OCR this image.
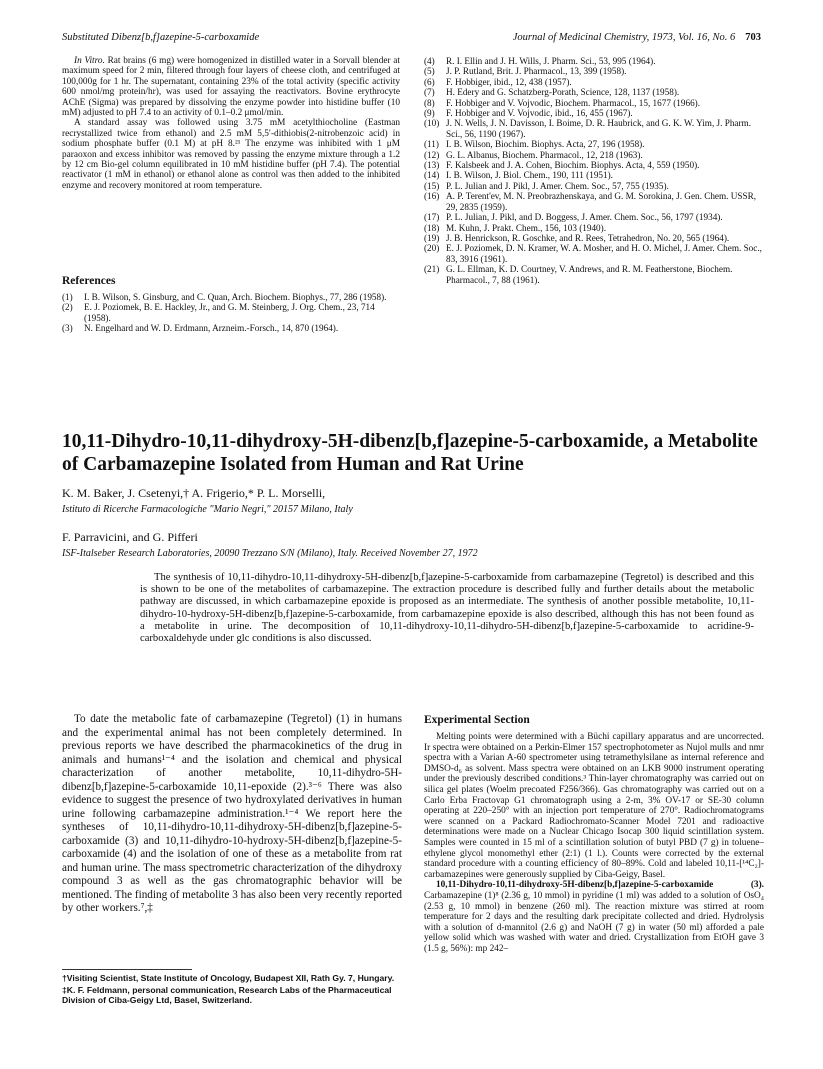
Substituted Dibenz[b,f]azepine-5-carboxamide	Journal of Medicinal Chemistry, 1973, Vol. 16, No. 6 703

In Vitro. Rat brains (6 mg) were homogenized in distilled water in a Sorvall blender at maximum speed for 2 min, filtered through four layers of cheese cloth, and centrifuged at 100,000g for 1 hr. The supernatant, containing 23% of the total activity (specific activity 600 nmol/mg protein/hr), was used for assaying the reactivators. Bovine erythrocyte AChE (Sigma) was prepared by dissolving the enzyme powder into histidine buffer (10 mM) adjusted to pH 7.4 to an activity of 0.1–0.2 μmol/min.

A standard assay was followed using 3.75 mM acetylthiocholine (Eastman recrystallized twice from ethanol) and 2.5 mM 5,5′-dithiobis(2-nitrobenzoic acid) in sodium phosphate buffer (0.1 M) at pH 8.²¹ The enzyme was inhibited with 1 μM paraoxon and excess inhibitor was removed by passing the enzyme mixture through a 1.2 by 12 cm Bio-gel column equilibrated in 10 mM histidine buffer (pH 7.4). The potential reactivator (1 mM in ethanol) or ethanol alone as control was then added to the inhibited enzyme and recovery monitored at room temperature.

References
(1)	I. B. Wilson, S. Ginsburg, and C. Quan, Arch. Biochem. Biophys., 77, 286 (1958).
(2)	E. J. Poziomek, B. E. Hackley, Jr., and G. M. Steinberg, J. Org. Chem., 23, 714 (1958).
(3)	N. Engelhard and W. D. Erdmann, Arzneim.-Forsch., 14, 870 (1964).
(4)	R. I. Ellin and J. H. Wills, J. Pharm. Sci., 53, 995 (1964).
(5)	J. P. Rutland, Brit. J. Pharmacol., 13, 399 (1958).
(6)	F. Hobbiger, ibid., 12, 438 (1957).
(7)	H. Edery and G. Schatzberg-Porath, Science, 128, 1137 (1958).
(8)	F. Hobbiger and V. Vojvodic, Biochem. Pharmacol., 15, 1677 (1966).
(9)	F. Hobbiger and V. Vojvodic, ibid., 16, 455 (1967).
(10) J. N. Wells, J. N. Davisson, I. Boime, D. R. Haubrick, and G. K. W. Yim, J. Pharm. Sci., 56, 1190 (1967).
(11) I. B. Wilson, Biochim. Biophys. Acta, 27, 196 (1958).
(12) G. L. Albanus, Biochem. Pharmacol., 12, 218 (1963).
(13) F. Kalsbeek and J. A. Cohen, Biochim. Biophys. Acta, 4, 559 (1950).
(14) I. B. Wilson, J. Biol. Chem., 190, 111 (1951).
(15) P. L. Julian and J. Pikl, J. Amer. Chem. Soc., 57, 755 (1935).
(16) A. P. Terent'ev, M. N. Preobrazhenskaya, and G. M. Sorokina, J. Gen. Chem. USSR, 29, 2835 (1959).
(17) P. L. Julian, J. Pikl, and D. Boggess, J. Amer. Chem. Soc., 56, 1797 (1934).
(18) M. Kuhn, J. Prakt. Chem., 156, 103 (1940).
(19) J. B. Henrickson, R. Goschke, and R. Rees, Tetrahedron, No. 20, 565 (1964).
(20) E. J. Poziomek, D. N. Kramer, W. A. Mosher, and H. O. Michel, J. Amer. Chem. Soc., 83, 3916 (1961).
(21) G. L. Ellman, K. D. Courtney, V. Andrews, and R. M. Featherstone, Biochem. Pharmacol., 7, 88 (1961).
10,11-Dihydro-10,11-dihydroxy-5H-dibenz[b,f]azepine-5-carboxamide, a Metabolite of Carbamazepine Isolated from Human and Rat Urine
K. M. Baker, J. Csetenyi,† A. Frigerio,* P. L. Morselli,
Istituto di Ricerche Farmacologiche "Mario Negri," 20157 Milano, Italy
F. Parravicini, and G. Pifferi
ISF-Italseber Research Laboratories, 20090 Trezzano S/N (Milano), Italy. Received November 27, 1972
The synthesis of 10,11-dihydro-10,11-dihydroxy-5H-dibenz[b,f]azepine-5-carboxamide from carbamazepine (Tegretol) is described and this is shown to be one of the metabolites of carbamazepine. The extraction procedure is described fully and further details about the metabolic pathway are discussed, in which carbamazepine epoxide is proposed as an intermediate. The synthesis of another possible metabolite, 10,11-dihydro-10-hydroxy-5H-dibenz[b,f]azepine-5-carboxamide, from carbamazepine epoxide is also described, although this has not been found as a metabolite in urine. The decomposition of 10,11-dihydroxy-10,11-dihydro-5H-dibenz[b,f]azepine-5-carboxamide to acridine-9-carboxaldehyde under glc conditions is also discussed.
To date the metabolic fate of carbamazepine (Tegretol) (1) in humans and the experimental animal has not been completely determined. In previous reports we have described the pharmacokinetics of the drug in animals and humans¹⁻⁴ and the isolation and chemical and physical characterization of another metabolite, 10,11-dihydro-5H-dibenz[b,f]azepine-5-carboxamide 10,11-epoxide (2).³⁻⁶ There was also evidence to suggest the presence of two hydroxylated derivatives in human urine following carbamazepine administration.¹⁻⁴ We report here the syntheses of 10,11-dihydro-10,11-dihydroxy-5H-dibenz[b,f]azepine-5-carboxamide (3) and 10,11-dihydro-10-hydroxy-5H-dibenz[b,f]azepine-5-carboxamide (4) and the isolation of one of these as a metabolite from rat and human urine. The mass spectrometric characterization of the dihydroxy compound 3 as well as the gas chromatographic behavior will be mentioned. The finding of metabolite 3 has also been very recently reported by other workers.⁷,‡

†Visiting Scientist, State Institute of Oncology, Budapest XII, Rath Gy. 7, Hungary.

‡K. F. Feldmann, personal communication, Research Labs of the Pharmaceutical Division of Ciba-Geigy Ltd, Basel, Switzerland.

Experimental Section

Melting points were determined with a Büchi capillary apparatus and are uncorrected. Ir spectra were obtained on a Perkin-Elmer 157 spectrophotometer as Nujol mulls and nmr spectra with a Varian A-60 spectrometer using tetramethylsilane as internal reference and DMSO-d₆ as solvent. Mass spectra were obtained on an LKB 9000 instrument operating under the previously described conditions.³ Thin-layer chromatography was carried out on silica gel plates (Woelm precoated F256/366). Gas chromatography was carried out on a Carlo Erba Fractovap G1 chromatograph using a 2-m, 3% OV-17 or SE-30 column operating at 220–250° with an injection port temperature of 270°. Radiochromatograms were scanned on a Packard Radiochromato-Scanner Model 7201 and radioactive determinations were made on a Nuclear Chicago Isocap 300 liquid scintillation system. Samples were counted in 15 ml of a scintillation solution of butyl PBD (7 g) in toluene–ethylene glycol monomethyl ether (2:1) (1 l.). Counts were corrected by the external standard procedure with a counting efficiency of 80–89%. Cold and labeled 10,11-[¹⁴C₂]-carbamazepines were generously supplied by Ciba-Geigy, Basel.

10,11-Dihydro-10,11-dihydroxy-5H-dibenz[b,f]azepine-5-carboxamide (3). Carbamazepine (1)⁸ (2.36 g, 10 mmol) in pyridine (1 ml) was added to a solution of OsO₄ (2.53 g, 10 mmol) in benzene (260 ml). The reaction mixture was stirred at room temperature for 2 days and the resulting dark precipitate collected and dried. Hydrolysis with a solution of d-mannitol (2.6 g) and NaOH (7 g) in water (50 ml) afforded a pale yellow solid which was washed with water and dried. Crystallization from EtOH gave 3 (1.5 g, 56%): mp 242–
